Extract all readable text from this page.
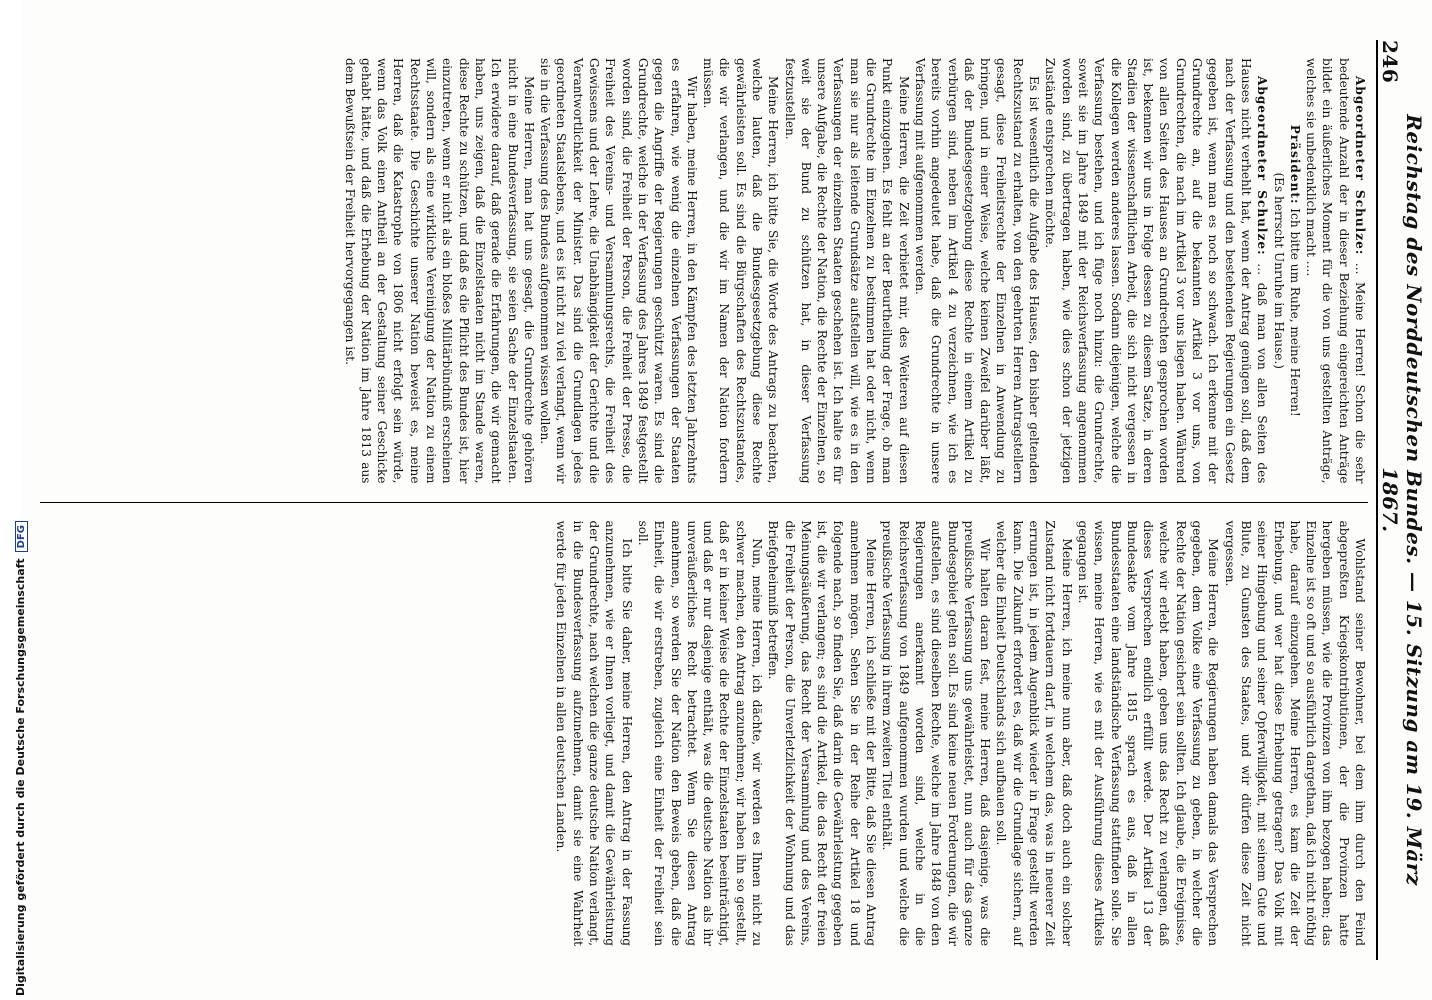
246
Reichstag des Norddeutschen Bundes. — 15. Sitzung am 19. März 1867.

Abgeordneter Schulze: ... Meine Herren! Schon die sehr bedeutende Anzahl der in dieser Beziehung eingereichten Anträge bildet ein äußerliches Moment für die von uns gestellten Anträge, welches sie unbedenklich macht ....

Präsident: Ich bitte um Ruhe, meine Herren!

(Es herrscht Unruhe im Hause.)

Abgeordneter Schulze: ... daß man von allen Seiten des Hauses nicht verhehlt hat, wenn der Antrag genügen soll, daß dem nach der Verfassung und den bestehenden Regierungen ein Gesetz gegeben ist, wenn man es noch so schwach. Ich erkenne mit der Grundrechte an, auf die bekannten Artikel 3 vor uns, von Grundrechten, die nach im Artikel 3 vor uns liegen haben. Während von allen Seiten des Hauses an Grundrechten gesprochen worden ist, bekennen wir uns in Folge dessen zu diesem Satze, in deren Stadien der wissenschaftlichen Arbeit, die sich nicht vergessen in die Kollegen werden anderes lassen. Sodann diejenigen, welche die Verfassung bestehen, und ich füge noch hinzu: die Grundrechte, soweit sie im Jahre 1849 mit der Reichsverfassung angenommen worden sind, zu übertragen haben, wie dies schon der jetzigen Zustände entsprechen möchte.

Es ist wesentlich die Aufgabe des Hauses, den bisher geltenden Rechtszustand zu erhalten, von den geehrten Herren Antragstellern gesagt, diese Freiheitsrechte der Einzelnen in Anwendung zu bringen, und in einer Weise, welche keinen Zweifel darüber läßt, daß der Bundesgesetzgebung diese Rechte in einem Artikel zu verbürgen sind, neben im Artikel 4 zu verzeichnen, wie ich es bereits vorhin angedeutet habe, daß die Grundrechte in unsere Verfassung mit aufgenommen werden.

Meine Herren, die Zeit verbietet mir, des Weiteren auf diesen Punkt einzugehen. Es fehlt an der Beurtheilung der Frage, ob man die Grundrechte im Einzelnen zu bestimmen hat oder nicht, wenn man sie nur als leitende Grundsätze aufstellen will, wie es in den Verfassungen der einzelnen Staaten geschehen ist. Ich halte es für unsere Aufgabe, die Rechte der Nation, die Rechte der Einzelnen, so weit sie der Bund zu schützen hat, in dieser Verfassung festzustellen.

Meine Herren, ich bitte Sie, die Worte des Antrags zu beachten, welche lauten, daß die Bundesgesetzgebung diese Rechte gewährleisten soll. Es sind die Bürgschaften des Rechtszustandes, die wir verlangen, und die wir im Namen der Nation fordern müssen.

Wir haben, meine Herren, in den Kämpfen des letzten Jahrzehnts es erfahren, wie wenig die einzelnen Verfassungen der Staaten gegen die Angriffe der Regierungen geschützt waren. Es sind die Grundrechte, welche in der Verfassung des Jahres 1849 festgestellt worden sind, die Freiheit der Person, die Freiheit der Presse, die Freiheit des Vereins- und Versammlungsrechts, die Freiheit des Gewissens und der Lehre, die Unabhängigkeit der Gerichte und die Verantwortlichkeit der Minister. Das sind die Grundlagen jedes geordneten Staatslebens, und es ist nicht zu viel verlangt, wenn wir sie in die Verfassung des Bundes aufgenommen wissen wollen.

Meine Herren, man hat uns gesagt, die Grundrechte gehören nicht in eine Bundesverfassung, sie seien Sache der Einzelstaaten. Ich erwidere darauf, daß gerade die Erfahrungen, die wir gemacht haben, uns zeigen, daß die Einzelstaaten nicht im Stande waren, diese Rechte zu schützen, und daß es die Pflicht des Bundes ist, hier einzutreten, wenn er nicht als ein bloßes Militärbündniß erscheinen will, sondern als eine wirkliche Vereinigung der Nation zu einem Rechtsstaate. Die Geschichte unserer Nation beweist es, meine Herren, daß die Katastrophe von 1806 nicht erfolgt sein würde, wenn das Volk einen Antheil an der Gestaltung seiner Geschicke gehabt hätte, und daß die Erhebung der Nation im Jahre 1813 aus dem Bewußtsein der Freiheit hervorgegangen ist.

Wohlstand seiner Bewohner, bei dem ihm durch den Feind abgepreßten Kriegskontributionen, der die Provinzen hatte hergeben müssen, wie die Provinzen von ihm bezogen haben; das Einzelne ist so oft und so ausführlich dargethan, daß ich nicht nöthig habe, darauf einzugehen. Meine Herren, es kam die Zeit der Erhebung, und wer hat diese Erhebung getragen? Das Volk mit seiner Hingebung und seiner Opferwilligkeit, mit seinem Gute und Blute, zu Gunsten des Staates, und wir dürfen diese Zeit nicht vergessen.

Meine Herren, die Regierungen haben damals das Versprechen gegeben, dem Volke eine Verfassung zu geben, in welcher die Rechte der Nation gesichert sein sollten. Ich glaube, die Ereignisse, welche wir erlebt haben, geben uns das Recht zu verlangen, daß dieses Versprechen endlich erfüllt werde. Der Artikel 13 der Bundesakte vom Jahre 1815 sprach es aus, daß in allen Bundesstaaten eine landständische Verfassung stattfinden solle. Sie wissen, meine Herren, wie es mit der Ausführung dieses Artikels gegangen ist.

Meine Herren, ich meine nun aber, daß doch auch ein solcher Zustand nicht fortdauern darf, in welchem das, was in neuerer Zeit errungen ist, in jedem Augenblick wieder in Frage gestellt werden kann. Die Zukunft erfordert es, daß wir die Grundlage sichern, auf welcher die Einheit Deutschlands sich aufbauen soll.

Wir halten daran fest, meine Herren, daß dasjenige, was die preußische Verfassung uns gewährleistet, nun auch für das ganze Bundesgebiet gelten soll. Es sind keine neuen Forderungen, die wir aufstellen, es sind dieselben Rechte, welche im Jahre 1848 von den Regierungen anerkannt worden sind, welche in die Reichsverfassung von 1849 aufgenommen wurden und welche die preußische Verfassung in ihrem zweiten Titel enthält.

Meine Herren, ich schließe mit der Bitte, daß Sie diesen Antrag annehmen mögen. Sehen Sie in der Reihe der Artikel 18 und folgende nach, so finden Sie, daß darin die Gewährleistung gegeben ist, die wir verlangen; es sind die Artikel, die das Recht der freien Meinungsäußerung, das Recht der Versammlung und des Vereins, die Freiheit der Person, die Unverletzlichkeit der Wohnung und das Briefgeheimniß betreffen.

Nun, meine Herren, ich dächte, wir werden es Ihnen nicht zu schwer machen, den Antrag anzunehmen; wir haben ihn so gestellt, daß er in keiner Weise die Rechte der Einzelstaaten beeinträchtigt, und daß er nur dasjenige enthält, was die deutsche Nation als ihr unveräußerliches Recht betrachtet. Wenn Sie diesen Antrag annehmen, so werden Sie der Nation den Beweis geben, daß die Einheit, die wir erstreben, zugleich eine Einheit der Freiheit sein soll.

Ich bitte Sie daher, meine Herren, den Antrag in der Fassung anzunehmen, wie er Ihnen vorliegt, und damit die Gewährleistung der Grundrechte, nach welchen die ganze deutsche Nation verlangt, in die Bundesverfassung aufzunehmen, damit sie eine Wahrheit werde für jeden Einzelnen in allen deutschen Landen.

Digitalisierung gefördert durch die Deutsche ForschungsgemeinschaftDFG
